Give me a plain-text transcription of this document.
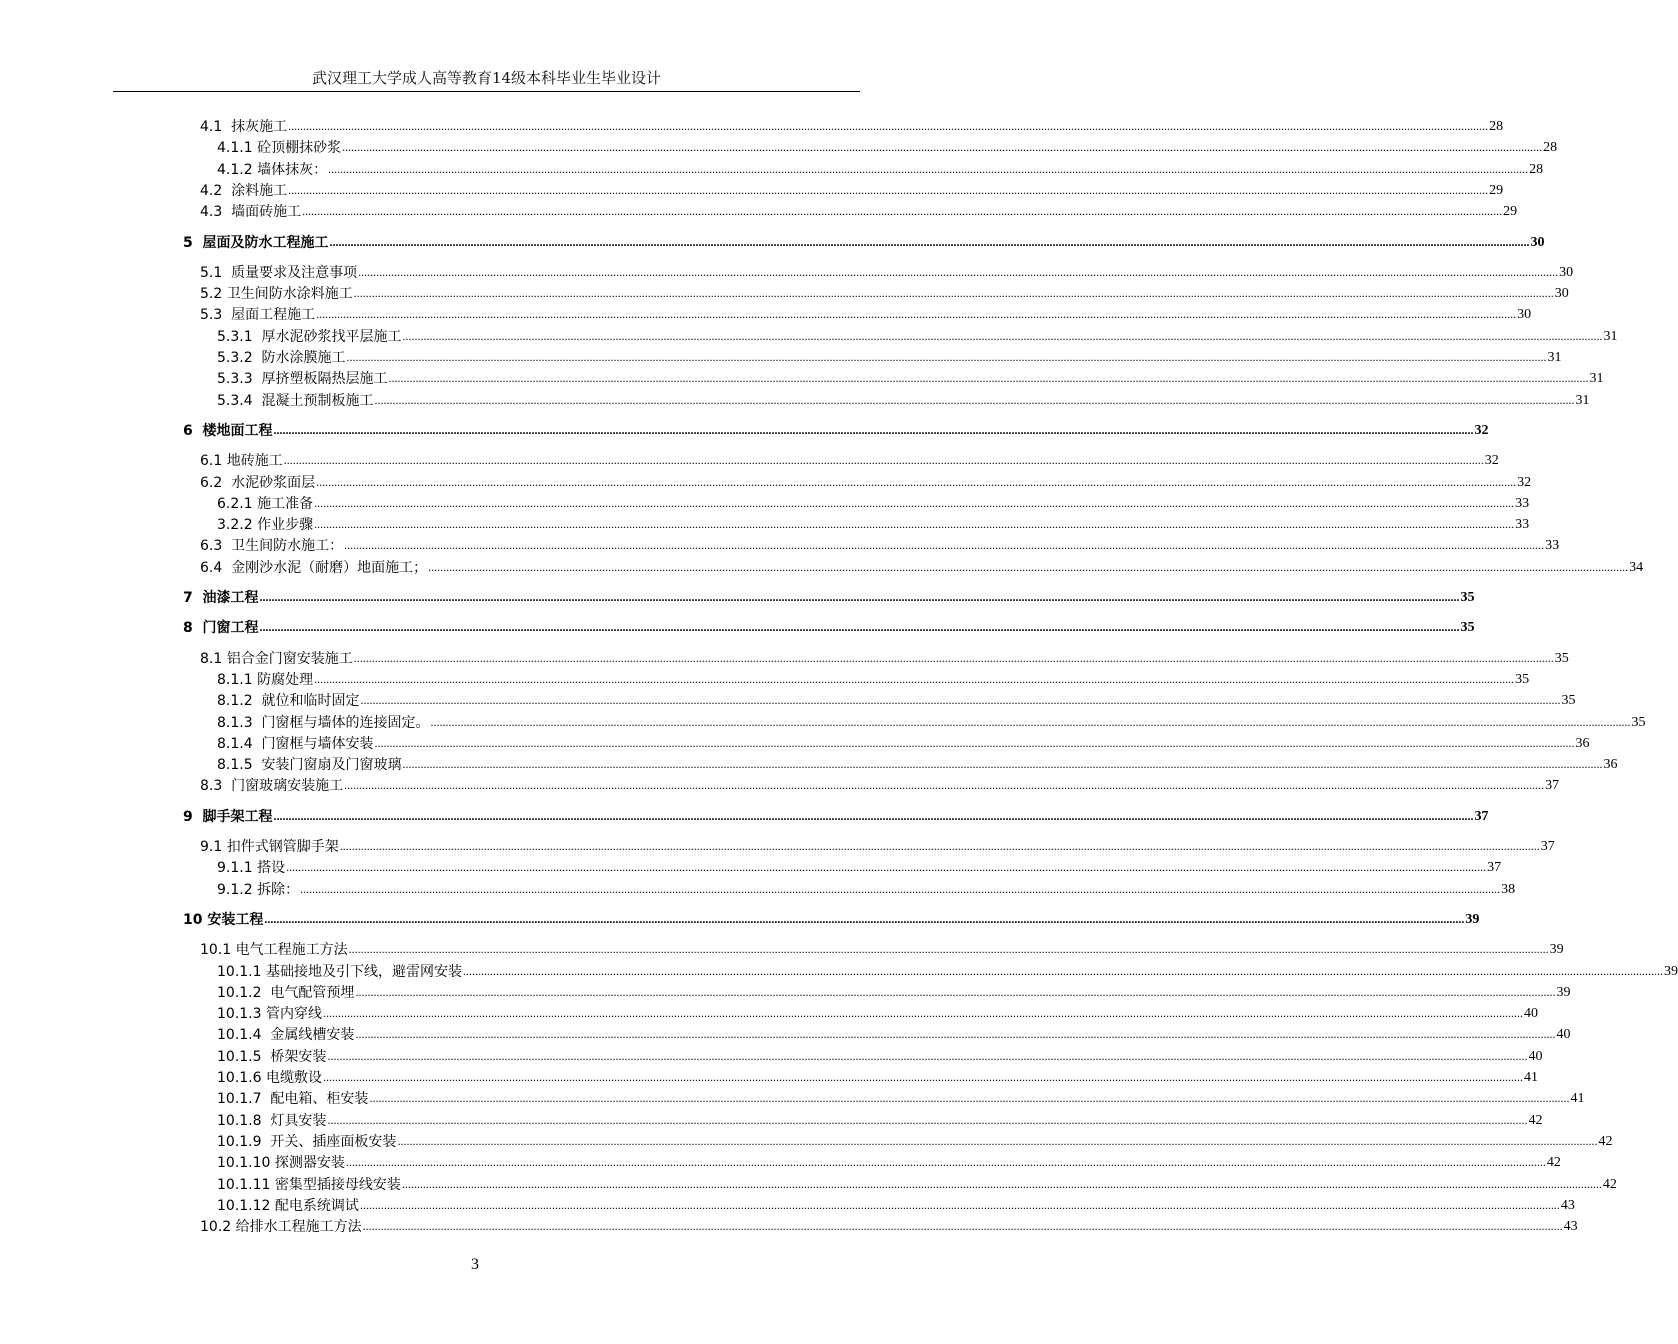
武汉理工大学成人高等教育14级本科毕业生毕业设计
4.1  抹灰施工 ................................................................................................................................................................................................................................................................................................................................................................................................................ 28
4.1.1 砼顶棚抹砂浆 ................................................................................................................................................................................................................................................................................................................................................................................................................ 28
4.1.2 墙体抹灰： ................................................................................................................................................................................................................................................................................................................................................................................................................ 28
4.2  涂料施工 ................................................................................................................................................................................................................................................................................................................................................................................................................ 29
4.3  墙面砖施工 ................................................................................................................................................................................................................................................................................................................................................................................................................ 29
5  屋面及防水工程施工 ................................................................................................................................................................................................................................................................................................................................................................................................................ 30
5.1  质量要求及注意事项 ................................................................................................................................................................................................................................................................................................................................................................................................................ 30
5.2 卫生间防水涂料施工 ................................................................................................................................................................................................................................................................................................................................................................................................................ 30
5.3  屋面工程施工 ................................................................................................................................................................................................................................................................................................................................................................................................................ 30
5.3.1  厚水泥砂浆找平层施工 ................................................................................................................................................................................................................................................................................................................................................................................................................ 31
5.3.2  防水涂膜施工 ................................................................................................................................................................................................................................................................................................................................................................................................................ 31
5.3.3  厚挤塑板隔热层施工 ................................................................................................................................................................................................................................................................................................................................................................................................................ 31
5.3.4  混凝土预制板施工 ................................................................................................................................................................................................................................................................................................................................................................................................................ 31
6  楼地面工程 ................................................................................................................................................................................................................................................................................................................................................................................................................ 32
6.1 地砖施工 ................................................................................................................................................................................................................................................................................................................................................................................................................ 32
6.2  水泥砂浆面层 ................................................................................................................................................................................................................................................................................................................................................................................................................ 32
6.2.1 施工准备 ................................................................................................................................................................................................................................................................................................................................................................................................................ 33
3.2.2 作业步骤 ................................................................................................................................................................................................................................................................................................................................................................................................................ 33
6.3  卫生间防水施工： ................................................................................................................................................................................................................................................................................................................................................................................................................ 33
6.4  金刚沙水泥（耐磨）地面施工； ................................................................................................................................................................................................................................................................................................................................................................................................................ 34
7  油漆工程 ................................................................................................................................................................................................................................................................................................................................................................................................................ 35
8  门窗工程 ................................................................................................................................................................................................................................................................................................................................................................................................................ 35
8.1 铝合金门窗安装施工 ................................................................................................................................................................................................................................................................................................................................................................................................................ 35
8.1.1 防腐处理 ................................................................................................................................................................................................................................................................................................................................................................................................................ 35
8.1.2  就位和临时固定 ................................................................................................................................................................................................................................................................................................................................................................................................................ 35
8.1.3  门窗框与墙体的连接固定。 ................................................................................................................................................................................................................................................................................................................................................................................................................ 35
8.1.4  门窗框与墙体安装 ................................................................................................................................................................................................................................................................................................................................................................................................................ 36
8.1.5  安装门窗扇及门窗玻璃 ................................................................................................................................................................................................................................................................................................................................................................................................................ 36
8.3  门窗玻璃安装施工 ................................................................................................................................................................................................................................................................................................................................................................................................................ 37
9  脚手架工程 ................................................................................................................................................................................................................................................................................................................................................................................................................ 37
9.1 扣件式钢管脚手架 ................................................................................................................................................................................................................................................................................................................................................................................................................ 37
9.1.1 搭设 ................................................................................................................................................................................................................................................................................................................................................................................................................ 37
9.1.2 拆除： ................................................................................................................................................................................................................................................................................................................................................................................................................ 38
10 安装工程 ................................................................................................................................................................................................................................................................................................................................................................................................................ 39
10.1 电气工程施工方法 ................................................................................................................................................................................................................................................................................................................................................................................................................ 39
10.1.1 基础接地及引下线，避雷网安装 ................................................................................................................................................................................................................................................................................................................................................................................................................ 39
10.1.2  电气配管预埋 ................................................................................................................................................................................................................................................................................................................................................................................................................ 39
10.1.3 管内穿线 ................................................................................................................................................................................................................................................................................................................................................................................................................ 40
10.1.4  金属线槽安装 ................................................................................................................................................................................................................................................................................................................................................................................................................ 40
10.1.5  桥架安装 ................................................................................................................................................................................................................................................................................................................................................................................................................ 40
10.1.6 电缆敷设 ................................................................................................................................................................................................................................................................................................................................................................................................................ 41
10.1.7  配电箱、柜安装 ................................................................................................................................................................................................................................................................................................................................................................................................................ 41
10.1.8  灯具安装 ................................................................................................................................................................................................................................................................................................................................................................................................................ 42
10.1.9  开关、插座面板安装 ................................................................................................................................................................................................................................................................................................................................................................................................................ 42
10.1.10 探测器安装 ................................................................................................................................................................................................................................................................................................................................................................................................................ 42
10.1.11 密集型插接母线安装 ................................................................................................................................................................................................................................................................................................................................................................................................................ 42
10.1.12 配电系统调试 ................................................................................................................................................................................................................................................................................................................................................................................................................ 43
10.2 给排水工程施工方法 ................................................................................................................................................................................................................................................................................................................................................................................................................ 43
3
